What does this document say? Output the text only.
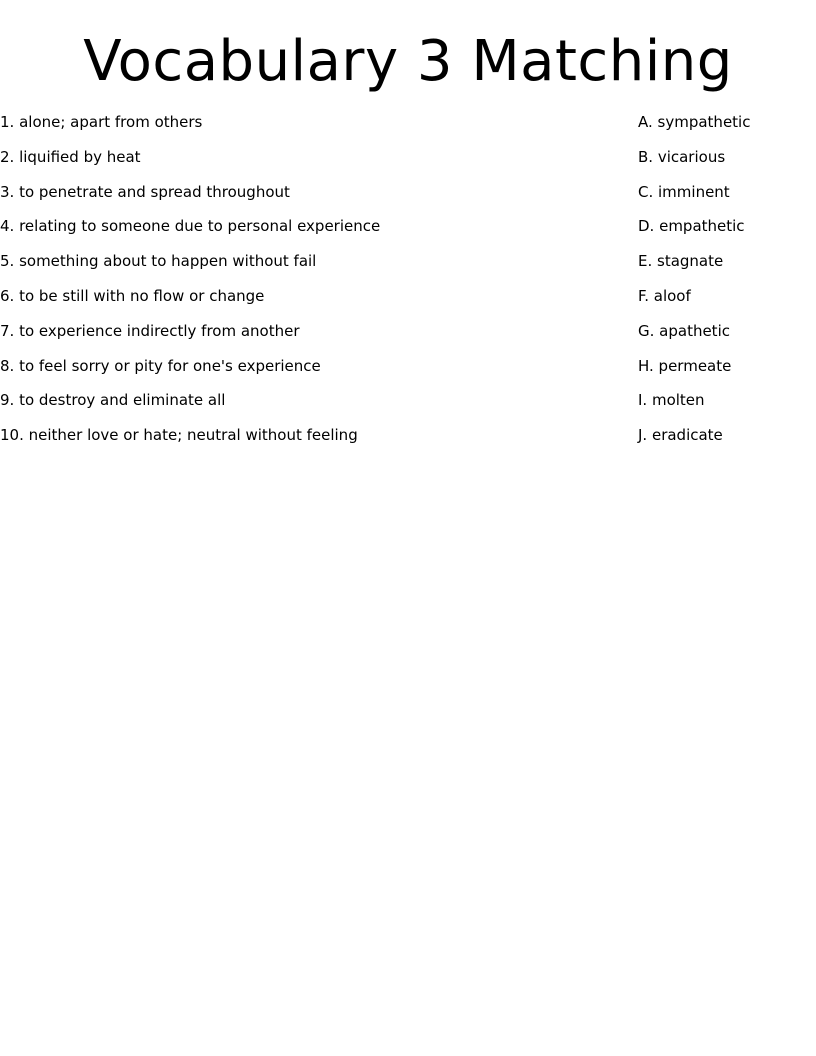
Vocabulary 3 Matching
1. alone; apart from others
2. liquified by heat
3. to penetrate and spread throughout
4. relating to someone due to personal experience
5. something about to happen without fail
6. to be still with no flow or change
7. to experience indirectly from another
8. to feel sorry or pity for one's experience
9. to destroy and eliminate all
10. neither love or hate; neutral without feeling
A. sympathetic
B. vicarious
C. imminent
D. empathetic
E. stagnate
F. aloof
G. apathetic
H. permeate
I. molten
J. eradicate
